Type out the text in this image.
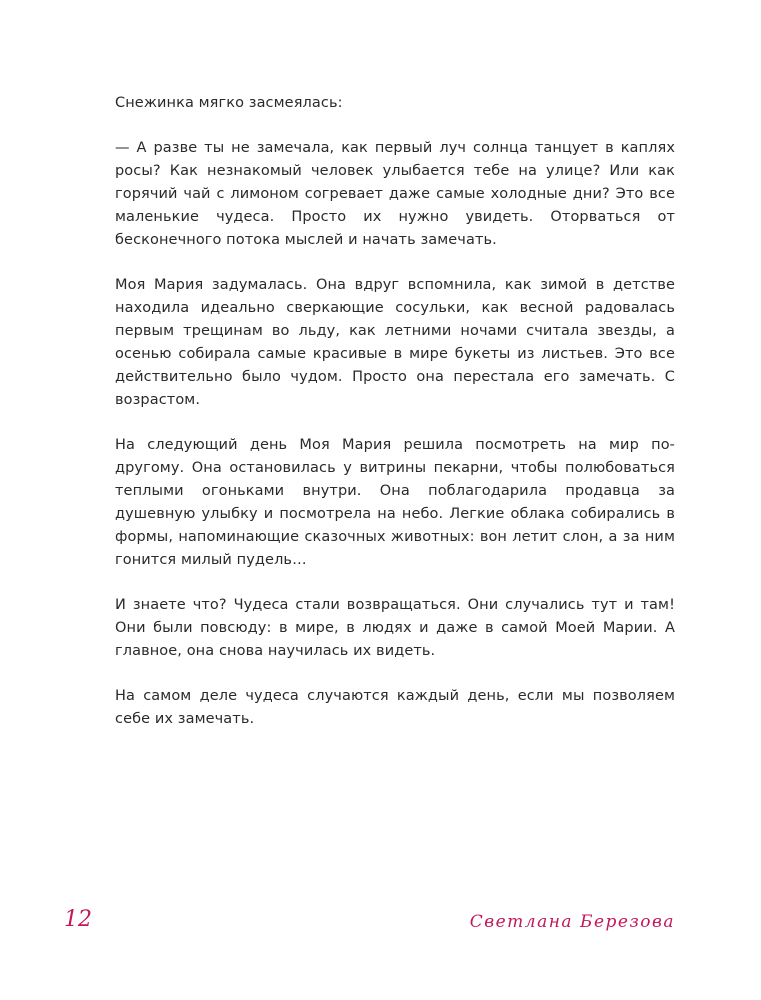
Снежинка мягко засмеялась:

— А разве ты не замечала, как первый луч солнца танцует в каплях росы? Как незнакомый человек улыбается тебе на улице? Или как горячий чай с лимоном согревает даже самые холодные дни? Это все маленькие чудеса. Просто их нужно увидеть. Оторваться от бесконечного потока мыслей и начать замечать.

Моя Мария задумалась. Она вдруг вспомнила, как зимой в детстве находила идеально сверкающие сосульки, как весной радовалась первым трещинам во льду, как летними ночами считала звезды, а осенью собирала самые красивые в мире букеты из листьев. Это все действительно было чудом. Просто она перестала его замечать. С возрастом.

На следующий день Моя Мария решила посмотреть на мир по-другому. Она остановилась у витрины пекарни, чтобы полюбоваться теплыми огоньками внутри. Она поблагодарила продавца за душевную улыбку и посмотрела на небо. Легкие облака собирались в формы, напоминающие сказочных животных: вон летит слон, а за ним гонится милый пудель…

И знаете что? Чудеса стали возвращаться. Они случались тут и там! Они были повсюду: в мире, в людях и даже в самой Моей Марии. А главное, она снова научилась их видеть.

На самом деле чудеса случаются каждый день, если мы позволяем себе их замечать.

12	Светлана Березова
